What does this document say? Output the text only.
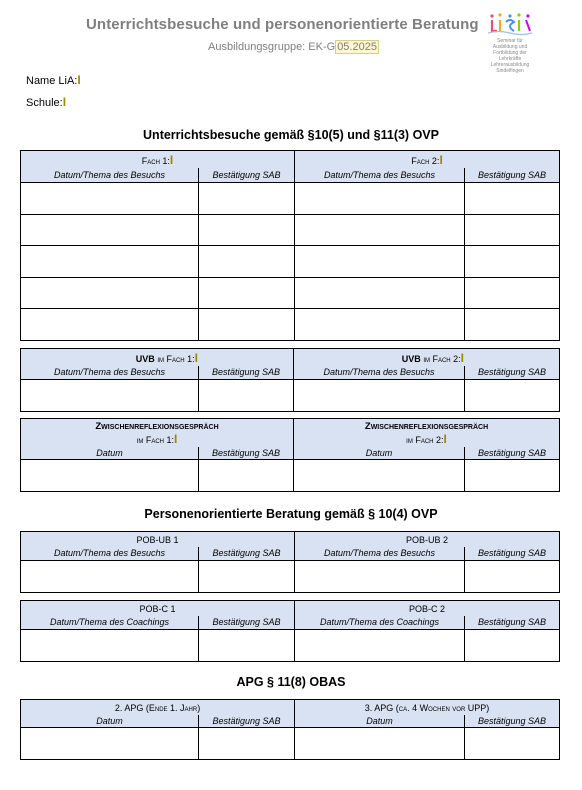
Unterrichtsbesuche und personenorientierte Beratung
Ausbildungsgruppe: EK-G 05.2025	Seminar für Ausbildung und Fortbildung der Lehrkräfte Lehrerausbildung Sindelfingen
Name LiA:I
Schule:I
Unterrichtsbesuche gemäß §10(5) und §11(3) OVP
Fach 1:I		Fach 2:I	
Datum/Thema des Besuchs	Bestätigung SAB	Datum/Thema des Besuchs	Bestätigung SAB

UVB im Fach 1:I		UVB im Fach 2:I	
Datum/Thema des Besuchs	Bestätigung SAB	Datum/Thema des Besuchs	Bestätigung SAB

Zwischenreflexionsgespräch		Zwischenreflexionsgespräch	
im Fach 1:I		im Fach 2:I	
Datum	Bestätigung SAB	Datum	Bestätigung SAB

Personenorientierte Beratung gemäß § 10(4) OVP
POB-UB 1		POB-UB 2	
Datum/Thema des Besuchs	Bestätigung SAB	Datum/Thema des Besuchs	Bestätigung SAB

POB-C 1		POB-C 2	
Datum/Thema des Coachings	Bestätigung SAB	Datum/Thema des Coachings	Bestätigung SAB

APG § 11(8) OBAS
2. APG (Ende 1. Jahr)		3. APG (ca. 4 Wochen vor UPP)	
Datum	Bestätigung SAB	Datum	Bestätigung SAB
